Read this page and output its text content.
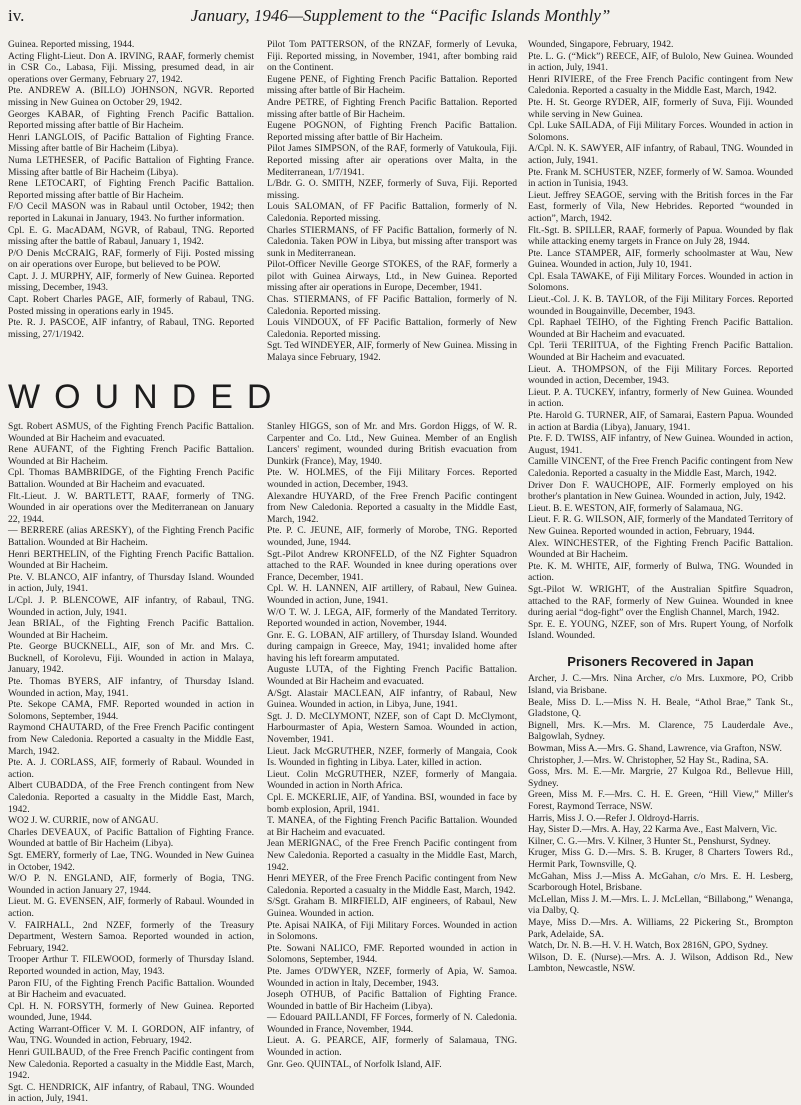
iv.	January, 1946—Supplement to the “Pacific Islands Monthly”

Guinea. Reported missing, 1944.

Acting Flight-Lieut. Don A. IRVING, RAAF, formerly chemist in CSR Co., Labasa, Fiji. Missing, presumed dead, in air operations over Germany, February 27, 1942.

Pte. ANDREW A. (BILLO) JOHNSON, NGVR. Reported missing in New Guinea on October 29, 1942.

Georges KABAR, of Fighting French Pacific Battalion. Reported missing after battle of Bir Hacheim.

Henri LANGLOIS, of Pacific Battalion of Fighting France. Missing after battle of Bir Hacheim (Libya).

Numa LETHESER, of Pacific Battalion of Fighting France. Missing after battle of Bir Hacheim (Libya).

Rene LETOCART, of Fighting French Pacific Battalion. Reported missing after battle of Bir Hacheim.

F/O Cecil MASON was in Rabaul until October, 1942; then reported in Lakunai in January, 1943. No further information.

Cpl. E. G. MacADAM, NGVR, of Rabaul, TNG. Reported missing after the battle of Rabaul, January 1, 1942.

P/O Denis McCRAIG, RAF, formerly of Fiji. Posted missing on air operations over Europe, but believed to be POW.

Capt. J. J. MURPHY, AIF, formerly of New Guinea. Reported missing, December, 1943.

Capt. Robert Charles PAGE, AIF, formerly of Rabaul, TNG. Posted missing in operations early in 1945.

Pte. R. J. PASCOE, AIF infantry, of Rabaul, TNG. Reported missing, 27/1/1942.

Pilot Tom PATTERSON, of the RNZAF, formerly of Levuka, Fiji. Reported missing, in November, 1941, after bombing raid on the Continent.

Eugene PENE, of Fighting French Pacific Battalion. Reported missing after battle of Bir Hacheim.

Andre PETRE, of Fighting French Pacific Battalion. Reported missing after battle of Bir Hacheim.

Eugene POGNON, of Fighting French Pacific Battalion. Reported missing after battle of Bir Hacheim.

Pilot James SIMPSON, of the RAF, formerly of Vatukoula, Fiji. Reported missing after air operations over Malta, in the Mediterranean, 1/7/1941.

L/Bdr. G. O. SMITH, NZEF, formerly of Suva, Fiji. Reported missing.

Louis SALOMAN, of FF Pacific Battalion, formerly of N. Caledonia. Reported missing.

Charles STIERMANS, of FF Pacific Battalion, formerly of N. Caledonia. Taken POW in Libya, but missing after transport was sunk in Mediterranean.

Pilot-Officer Neville George STOKES, of the RAF, formerly a pilot with Guinea Airways, Ltd., in New Guinea. Reported missing after air operations in Europe, December, 1941.

Chas. STIERMANS, of FF Pacific Battalion, formerly of N. Caledonia. Reported missing.

Louis VINDOUX, of FF Pacific Battalion, formerly of New Caledonia. Reported missing.

Sgt. Ted WINDEYER, AIF, formerly of New Guinea. Missing in Malaya since February, 1942.

WOUNDED

Sgt. Robert ASMUS, of the Fighting French Pacific Battalion. Wounded at Bir Hacheim and evacuated.

Rene AUFANT, of the Fighting French Pacific Battalion. Wounded at Bir Hacheim.

Cpl. Thomas BAMBRIDGE, of the Fighting French Pacific Battalion. Wounded at Bir Hacheim and evacuated.

Flt.-Lieut. J. W. BARTLETT, RAAF, formerly of TNG. Wounded in air operations over the Mediterranean on January 22, 1944.

— BERRERE (alias ARESKY), of the Fighting French Pacific Battalion. Wounded at Bir Hacheim.

Henri BERTHELIN, of the Fighting French Pacific Battalion. Wounded at Bir Hacheim.

Pte. V. BLANCO, AIF infantry, of Thursday Island. Wounded in action, July, 1941.

L/Cpl. J. P. BLENCOWE, AIF infantry, of Rabaul, TNG. Wounded in action, July, 1941.

Jean BRIAL, of the Fighting French Pacific Battalion. Wounded at Bir Hacheim.

Pte. George BUCKNELL, AIF, son of Mr. and Mrs. C. Bucknell, of Korolevu, Fiji. Wounded in action in Malaya, January, 1942.

Pte. Thomas BYERS, AIF infantry, of Thursday Island. Wounded in action, May, 1941.

Pte. Sekope CAMA, FMF. Reported wounded in action in Solomons, September, 1944.

Raymond CHAUTARD, of the Free French Pacific contingent from New Caledonia. Reported a casualty in the Middle East, March, 1942.

Pte. A. J. CORLASS, AIF, formerly of Rabaul. Wounded in action.

Albert CUBADDA, of the Free French contingent from New Caledonia. Reported a casualty in the Middle East, March, 1942.

WO2 J. W. CURRIE, now of ANGAU.

Charles DEVEAUX, of Pacific Battalion of Fighting France. Wounded at battle of Bir Hacheim (Libya).

Sgt. EMERY, formerly of Lae, TNG. Wounded in New Guinea in October, 1942.

W/O P. N. ENGLAND, AIF, formerly of Bogia, TNG. Wounded in action January 27, 1944.

Lieut. M. G. EVENSEN, AIF, formerly of Rabaul. Wounded in action.

V. FAIRHALL, 2nd NZEF, formerly of the Treasury Department, Western Samoa. Reported wounded in action, February, 1942.

Trooper Arthur T. FILEWOOD, formerly of Thursday Island. Reported wounded in action, May, 1943.

Paron FIU, of the Fighting French Pacific Battalion. Wounded at Bir Hacheim and evacuated.

Cpl. H. N. FORSYTH, formerly of New Guinea. Reported wounded, June, 1944.

Acting Warrant-Officer V. M. I. GORDON, AIF infantry, of Wau, TNG. Wounded in action, February, 1942.

Henri GUILBAUD, of the Free French Pacific contingent from New Caledonia. Reported a casualty in the Middle East, March, 1942.

Sgt. C. HENDRICK, AIF infantry, of Rabaul, TNG. Wounded in action, July, 1941.

Stanley HIGGS, son of Mr. and Mrs. Gordon Higgs, of W. R. Carpenter and Co. Ltd., New Guinea. Member of an English Lancers' regiment, wounded during British evacuation from Dunkirk (France), May, 1940.

Pte. W. HOLMES, of the Fiji Military Forces. Reported wounded in action, December, 1943.

Alexandre HUYARD, of the Free French Pacific contingent from New Caledonia. Reported a casualty in the Middle East, March, 1942.

Pte. P. C. JEUNE, AIF, formerly of Morobe, TNG. Reported wounded, June, 1944.

Sgt.-Pilot Andrew KRONFELD, of the NZ Fighter Squadron attached to the RAF. Wounded in knee during operations over France, December, 1941.

Cpl. W. H. LANNEN, AIF artillery, of Rabaul, New Guinea. Wounded in action, June, 1941.

W/O T. W. J. LEGA, AIF, formerly of the Mandated Territory. Reported wounded in action, November, 1944.

Gnr. E. G. LOBAN, AIF artillery, of Thursday Island. Wounded during campaign in Greece, May, 1941; invalided home after having his left forearm amputated.

Auguste LUTA, of the Fighting French Pacific Battalion. Wounded at Bir Hacheim and evacuated.

A/Sgt. Alastair MACLEAN, AIF infantry, of Rabaul, New Guinea. Wounded in action, in Libya, June, 1941.

Sgt. J. D. McCLYMONT, NZEF, son of Capt D. McClymont, Harbourmaster of Apia, Western Samoa. Wounded in action, November, 1941.

Lieut. Jack McGRUTHER, NZEF, formerly of Mangaia, Cook Is. Wounded in fighting in Libya. Later, killed in action.

Lieut. Colin McGRUTHER, NZEF, formerly of Mangaia. Wounded in action in North Africa.

Cpl. E. MCKERLIE, AIF, of Yandina. BSI, wounded in face by bomb explosion, April, 1941.

T. MANEA, of the Fighting French Pacific Battalion. Wounded at Bir Hacheim and evacuated.

Jean MERIGNAC, of the Free French Pacific contingent from New Caledonia. Reported a casualty in the Middle East, March, 1942.

Henri MEYER, of the Free French Pacific contingent from New Caledonia. Reported a casualty in the Middle East, March, 1942.

S/Sgt. Graham B. MIRFIELD, AIF engineers, of Rabaul, New Guinea. Wounded in action.

Pte. Apisai NAIKA, of Fiji Military Forces. Wounded in action in Solomons.

Pte. Sowani NALICO, FMF. Reported wounded in action in Solomons, September, 1944.

Pte. James O'DWYER, NZEF, formerly of Apia, W. Samoa. Wounded in action in Italy, December, 1943.

Joseph OTHUB, of Pacific Battalion of Fighting France. Wounded in battle of Bir Hacheim (Libya).

— Edouard PAILLANDI, FF Forces, formerly of N. Caledonia. Wounded in France, November, 1944.

Lieut. A. G. PEARCE, AIF, formerly of Salamaua, TNG. Wounded in action.

Gnr. Geo. QUINTAL, of Norfolk Island, AIF.

Wounded, Singapore, February, 1942.

Pte. L. G. (“Mick”) REECE, AIF, of Bulolo, New Guinea. Wounded in action, July, 1941.

Henri RIVIERE, of the Free French Pacific contingent from New Caledonia. Reported a casualty in the Middle East, March, 1942.

Pte. H. St. George RYDER, AIF, formerly of Suva, Fiji. Wounded while serving in New Guinea.

Cpl. Luke SAILADA, of Fiji Military Forces. Wounded in action in Solomons.

A/Cpl. N. K. SAWYER, AIF infantry, of Rabaul, TNG. Wounded in action, July, 1941.

Pte. Frank M. SCHUSTER, NZEF, formerly of W. Samoa. Wounded in action in Tunisia, 1943.

Lieut. Jeffrey SEAGOE, serving with the British forces in the Far East, formerly of Vila, New Hebrides. Reported “wounded in action”, March, 1942.

Flt.-Sgt. B. SPILLER, RAAF, formerly of Papua. Wounded by flak while attacking enemy targets in France on July 28, 1944.

Pte. Lance STAMPER, AIF, formerly schoolmaster at Wau, New Guinea. Wounded in action, July 10, 1941.

Cpl. Esala TAWAKE, of Fiji Military Forces. Wounded in action in Solomons.

Lieut.-Col. J. K. B. TAYLOR, of the Fiji Military Forces. Reported wounded in Bougainville, December, 1943.

Cpl. Raphael TEIHO, of the Fighting French Pacific Battalion. Wounded at Bir Hacheim and evacuated.

Cpl. Terii TERIITUA, of the Fighting French Pacific Battalion. Wounded at Bir Hacheim and evacuated.

Lieut. A. THOMPSON, of the Fiji Military Forces. Reported wounded in action, December, 1943.

Lieut. P. A. TUCKEY, infantry, formerly of New Guinea. Wounded in action.

Pte. Harold G. TURNER, AIF, of Samarai, Eastern Papua. Wounded in action at Bardia (Libya), January, 1941.

Pte. F. D. TWISS, AIF infantry, of New Guinea. Wounded in action, August, 1941.

Camille VINCENT, of the Free French Pacific contingent from New Caledonia. Reported a casualty in the Middle East, March, 1942.

Driver Don F. WAUCHOPE, AIF. Formerly employed on his brother's plantation in New Guinea. Wounded in action, July, 1942.

Lieut. B. E. WESTON, AIF, formerly of Salamaua, NG.

Lieut. F. R. G. WILSON, AIF, formerly of the Mandated Territory of New Guinea. Reported wounded in action, February, 1944.

Alex. WINCHESTER, of the Fighting French Pacific Battalion. Wounded at Bir Hacheim.

Pte. K. M. WHITE, AIF, formerly of Bulwa, TNG. Wounded in action.

Sgt.-Pilot W. WRIGHT, of the Australian Spitfire Squadron, attached to the RAF, formerly of New Guinea. Wounded in knee during aerial “dog-fight” over the English Channel, March, 1942.

Spr. E. E. YOUNG, NZEF, son of Mrs. Rupert Young, of Norfolk Island. Wounded.

Prisoners Recovered in Japan

Archer, J. C.—Mrs. Nina Archer, c/o Mrs. Luxmore, PO, Cribb Island, via Brisbane.

Beale, Miss D. L.—Miss N. H. Beale, “Athol Brae,” Tank St., Gladstone, Q.

Bignell, Mrs. K.—Mrs. M. Clarence, 75 Lauderdale Ave., Balgowlah, Sydney.

Bowman, Miss A.—Mrs. G. Shand, Lawrence, via Grafton, NSW.

Christopher, J.—Mrs. W. Christopher, 52 Hay St., Radina, SA.

Goss, Mrs. M. E.—Mr. Margrie, 27 Kulgoa Rd., Bellevue Hill, Sydney.

Green, Miss M. F.—Mrs. C. H. E. Green, “Hill View,” Miller's Forest, Raymond Terrace, NSW.

Harris, Miss J. O.—Refer J. Oldroyd-Harris.

Hay, Sister D.—Mrs. A. Hay, 22 Karma Ave., East Malvern, Vic.

Kilner, C. G.—Mrs. V. Kilner, 3 Hunter St., Penshurst, Sydney.

Kruger, Miss G. D.—Mrs. S. B. Kruger, 8 Charters Towers Rd., Hermit Park, Townsville, Q.

McGahan, Miss J.—Miss A. McGahan, c/o Mrs. E. H. Lesberg, Scarborough Hotel, Brisbane.

McLellan, Miss J. M.—Mrs. L. J. McLellan, “Billabong,” Wenanga, via Dalby, Q.

Maye, Miss D.—Mrs. A. Williams, 22 Pickering St., Brompton Park, Adelaide, SA.

Watch, Dr. N. B.—H. V. H. Watch, Box 2816N, GPO, Sydney.

Wilson, D. E. (Nurse).—Mrs. A. J. Wilson, Addison Rd., New Lambton, Newcastle, NSW.
